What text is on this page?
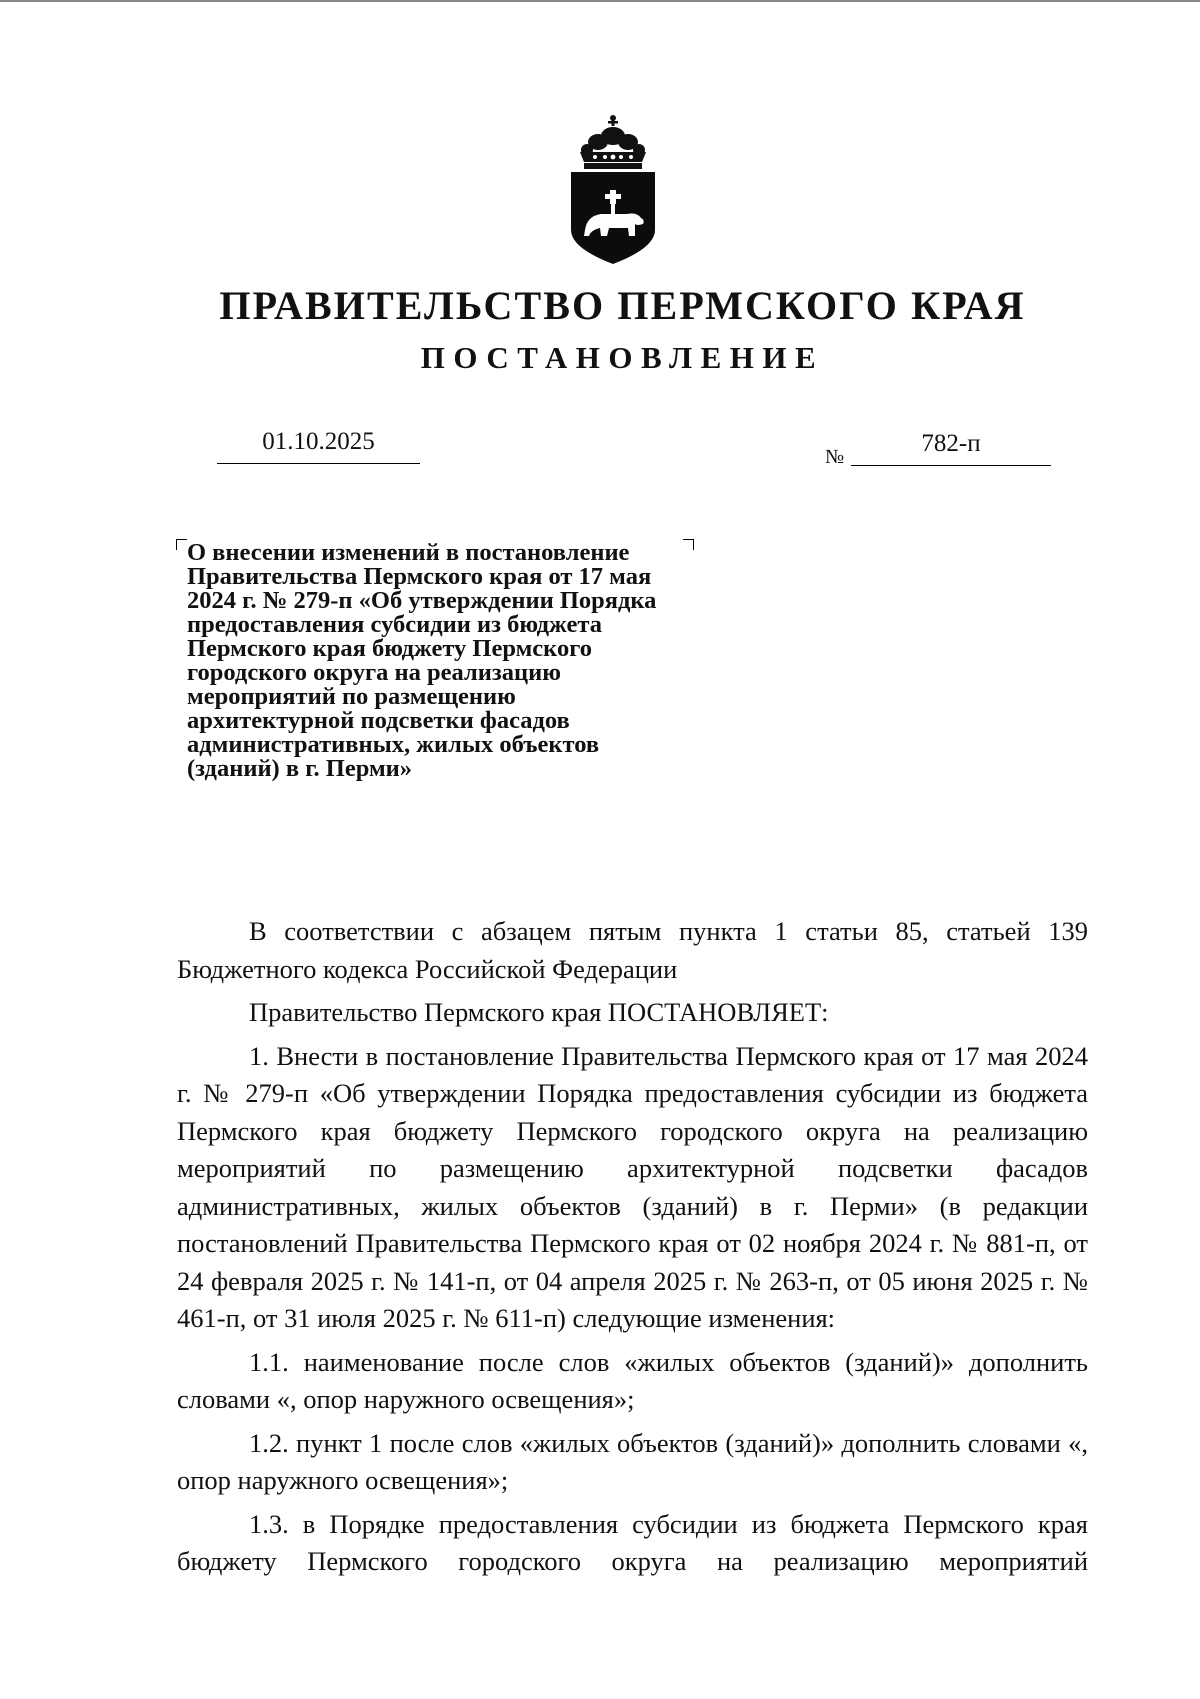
ПРАВИТЕЛЬСТВО ПЕРМСКОГО КРАЯ
ПОСТАНОВЛЕНИЕ
01.10.2025
№	782-п
О внесении изменений в постановление
Правительства Пермского края от 17 мая
2024 г. № 279-п «Об утверждении Порядка
предоставления субсидии из бюджета
Пермского края бюджету Пермского
городского округа на реализацию
мероприятий по размещению
архитектурной подсветки фасадов
административных, жилых объектов
(зданий) в г. Перми»

В соответствии с абзацем пятым пункта 1 статьи 85, статьей 139 Бюджетного кодекса Российской Федерации

Правительство Пермского края ПОСТАНОВЛЯЕТ:

1. Внести в постановление Правительства Пермского края от 17 мая 2024 г. № 279-п «Об утверждении Порядка предоставления субсидии из бюджета Пермского края бюджету Пермского городского округа на реализацию мероприятий по размещению архитектурной подсветки фасадов административных, жилых объектов (зданий) в г. Перми» (в редакции постановлений Правительства Пермского края от 02 ноября 2024 г. № 881-п, от 24 февраля 2025 г. № 141-п, от 04 апреля 2025 г. № 263-п, от 05 июня 2025 г. № 461-п, от 31 июля 2025 г. № 611-п) следующие изменения:

1.1. наименование после слов «жилых объектов (зданий)» дополнить словами «, опор наружного освещения»;

1.2. пункт 1 после слов «жилых объектов (зданий)» дополнить словами «, опор наружного освещения»;

1.3. в Порядке предоставления субсидии из бюджета Пермского края бюджету Пермского городского округа на реализацию мероприятий
